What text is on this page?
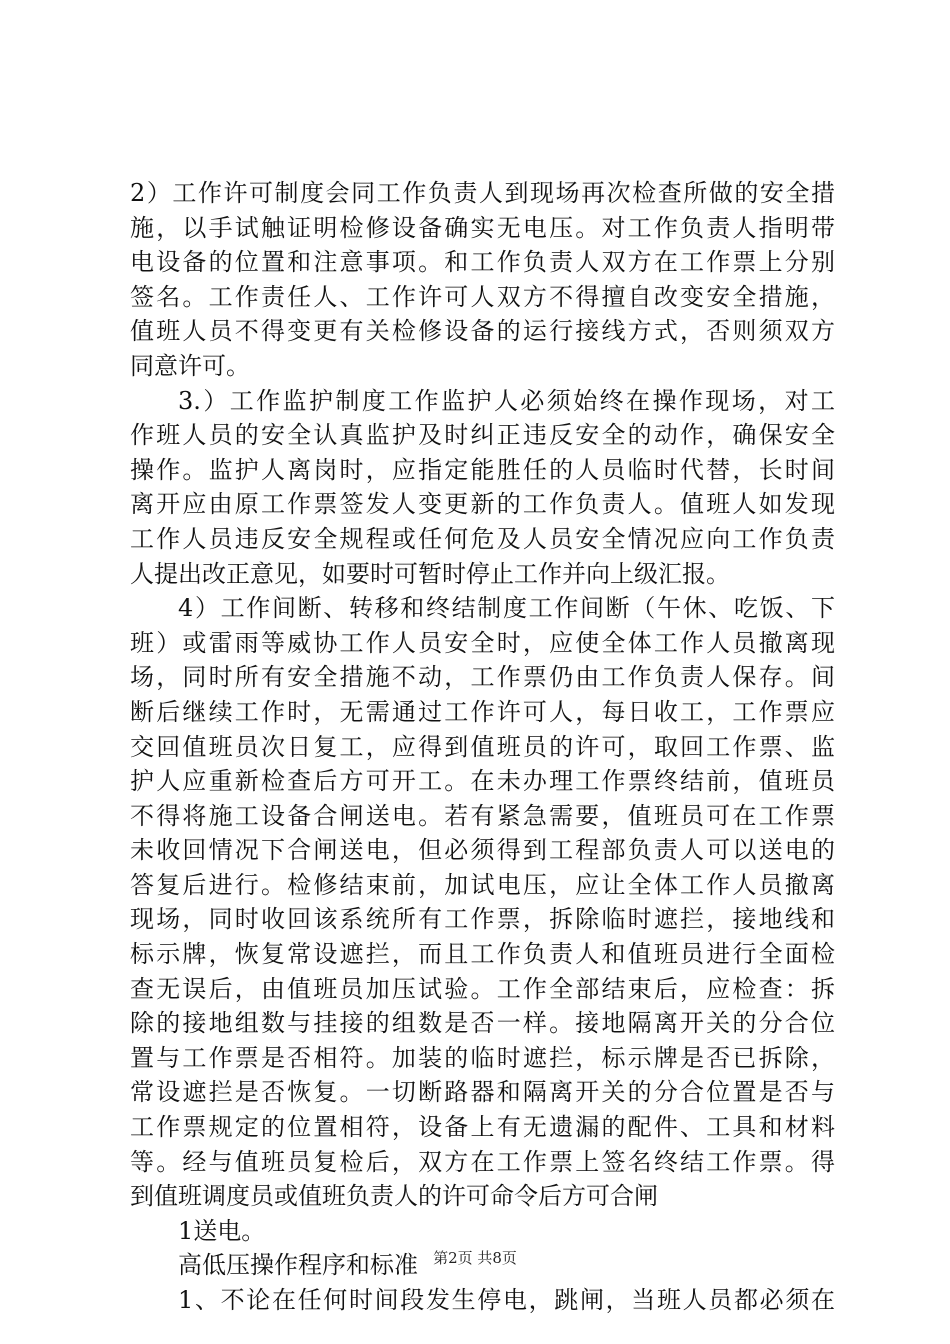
2）工作许可制度会同工作负责人到现场再次检查所做的安全措
施，以手试触证明检修设备确实无电压。对工作负责人指明带
电设备的位置和注意事项。和工作负责人双方在工作票上分别
签名。工作责任人、工作许可人双方不得擅自改变安全措施，
值班人员不得变更有关检修设备的运行接线方式，否则须双方
同意许可。
3.）工作监护制度工作监护人必须始终在操作现场，对工
作班人员的安全认真监护及时纠正违反安全的动作，确保安全
操作。监护人离岗时，应指定能胜任的人员临时代替，长时间
离开应由原工作票签发人变更新的工作负责人。值班人如发现
工作人员违反安全规程或任何危及人员安全情况应向工作负责
人提出改正意见，如要时可暂时停止工作并向上级汇报。
4）工作间断、转移和终结制度工作间断（午休、吃饭、下
班）或雷雨等威协工作人员安全时，应使全体工作人员撤离现
场，同时所有安全措施不动，工作票仍由工作负责人保存。间
断后继续工作时，无需通过工作许可人，每日收工，工作票应
交回值班员次日复工，应得到值班员的许可，取回工作票、监
护人应重新检查后方可开工。在未办理工作票终结前，值班员
不得将施工设备合闸送电。若有紧急需要，值班员可在工作票
未收回情况下合闸送电，但必须得到工程部负责人可以送电的
答复后进行。检修结束前，加试电压，应让全体工作人员撤离
现场，同时收回该系统所有工作票，拆除临时遮拦，接地线和
标示牌，恢复常设遮拦，而且工作负责人和值班员进行全面检
查无误后，由值班员加压试验。工作全部结束后，应检查：拆
除的接地组数与挂接的组数是否一样。接地隔离开关的分合位
置与工作票是否相符。加装的临时遮拦，标示牌是否已拆除，
常设遮拦是否恢复。一切断路器和隔离开关的分合位置是否与
工作票规定的位置相符，设备上有无遗漏的配件、工具和材料
等。经与值班员复检后，双方在工作票上签名终结工作票。得
到值班调度员或值班负责人的许可命令后方可合闸
1送电。
高低压操作程序和标准
1、不论在任何时间段发生停电，跳闸，当班人员都必须在
第2页 共8页
